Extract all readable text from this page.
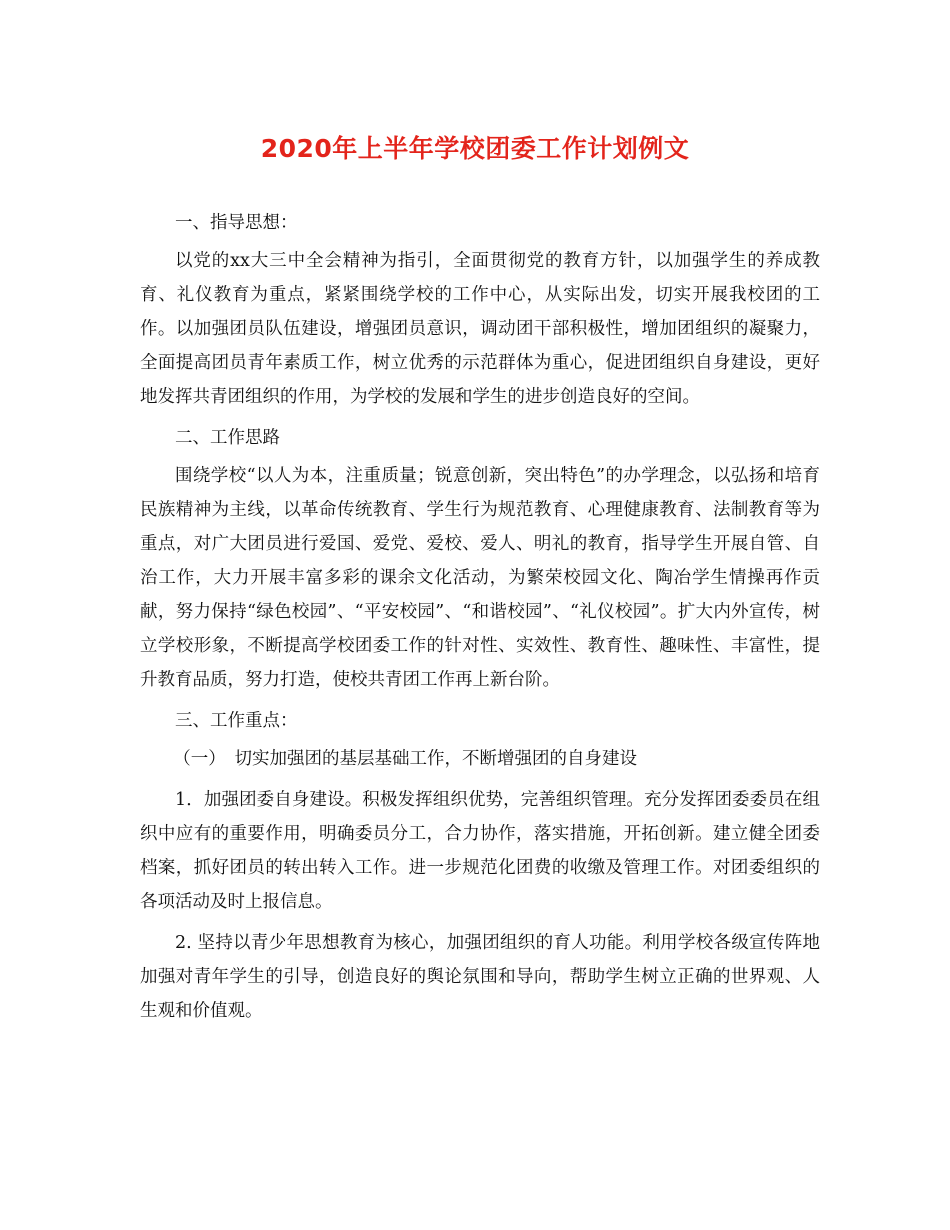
2020年上半年学校团委工作计划例文

一、指导思想：

以党的xx大三中全会精神为指引，全面贯彻党的教育方针，以加强学生的养成教育、礼仪教育为重点，紧紧围绕学校的工作中心，从实际出发，切实开展我校团的工作。以加强团员队伍建设，增强团员意识，调动团干部积极性，增加团组织的凝聚力，全面提高团员青年素质工作，树立优秀的示范群体为重心，促进团组织自身建设，更好地发挥共青团组织的作用，为学校的发展和学生的进步创造良好的空间。

二、工作思路

围绕学校“以人为本，注重质量；锐意创新，突出特色”的办学理念，以弘扬和培育民族精神为主线，以革命传统教育、学生行为规范教育、心理健康教育、法制教育等为重点，对广大团员进行爱国、爱党、爱校、爱人、明礼的教育，指导学生开展自管、自治工作，大力开展丰富多彩的课余文化活动，为繁荣校园文化、陶冶学生情操再作贡献，努力保持“绿色校园”、“平安校园”、“和谐校园”、“礼仪校园”。扩大内外宣传，树立学校形象，不断提高学校团委工作的针对性、实效性、教育性、趣味性、丰富性，提升教育品质，努力打造，使校共青团工作再上新台阶。

三、工作重点：

（一）　切实加强团的基层基础工作，不断增强团的自身建设

1．加强团委自身建设。积极发挥组织优势，完善组织管理。充分发挥团委委员在组织中应有的重要作用，明确委员分工，合力协作，落实措施，开拓创新。建立健全团委档案，抓好团员的转出转入工作。进一步规范化团费的收缴及管理工作。对团委组织的各项活动及时上报信息。

2. 坚持以青少年思想教育为核心，加强团组织的育人功能。利用学校各级宣传阵地加强对青年学生的引导，创造良好的舆论氛围和导向，帮助学生树立正确的世界观、人生观和价值观。
